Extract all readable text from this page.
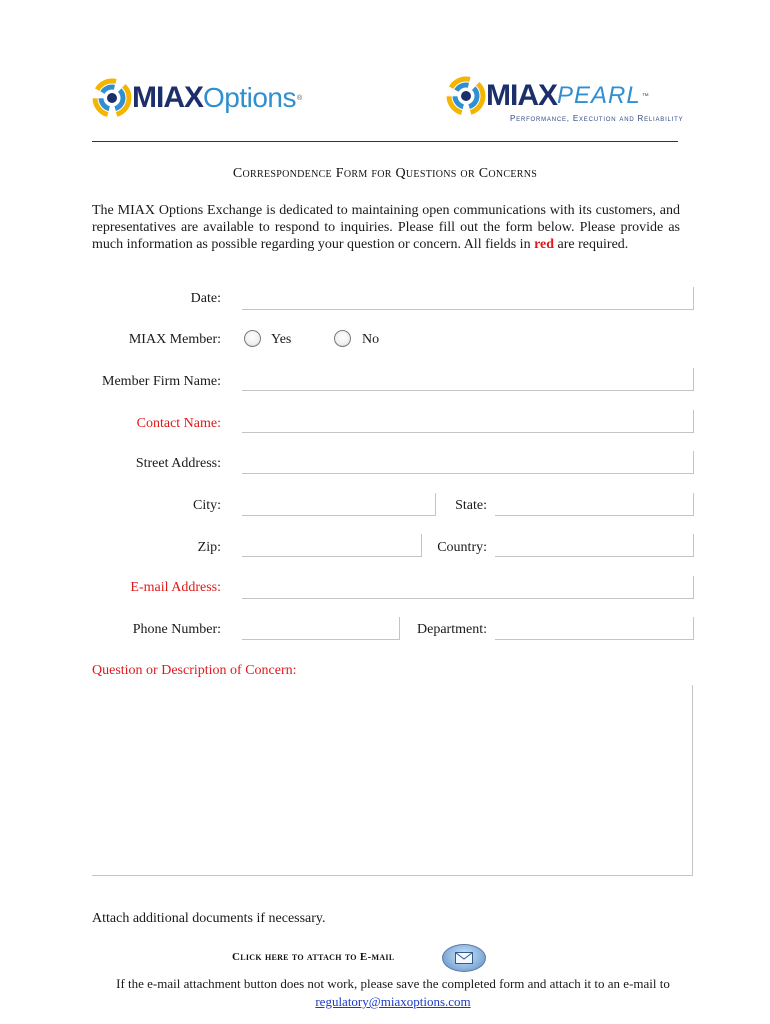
MIAX Options ®	MIAX PEARL ™
Performance, Execution and Reliability
Correspondence Form for Questions or Concerns
The MIAX Options Exchange is dedicated to maintaining open communications with its customers, and representatives are available to respond to inquiries. Please fill out the form below. Please provide as much information as possible regarding your question or concern. All fields in red are required.
Date:
MIAX Member:	Yes	No
Member Firm Name:
Contact Name:
Street Address:
City:	State:
Zip:	Country:
E-mail Address:
Phone Number:	Department:
Question or Description of Concern:
Attach additional documents if necessary.
Click here to attach to E-mail
If the e-mail attachment button does not work, please save the completed form and attach it to an e-mail to
regulatory@miaxoptions.com
